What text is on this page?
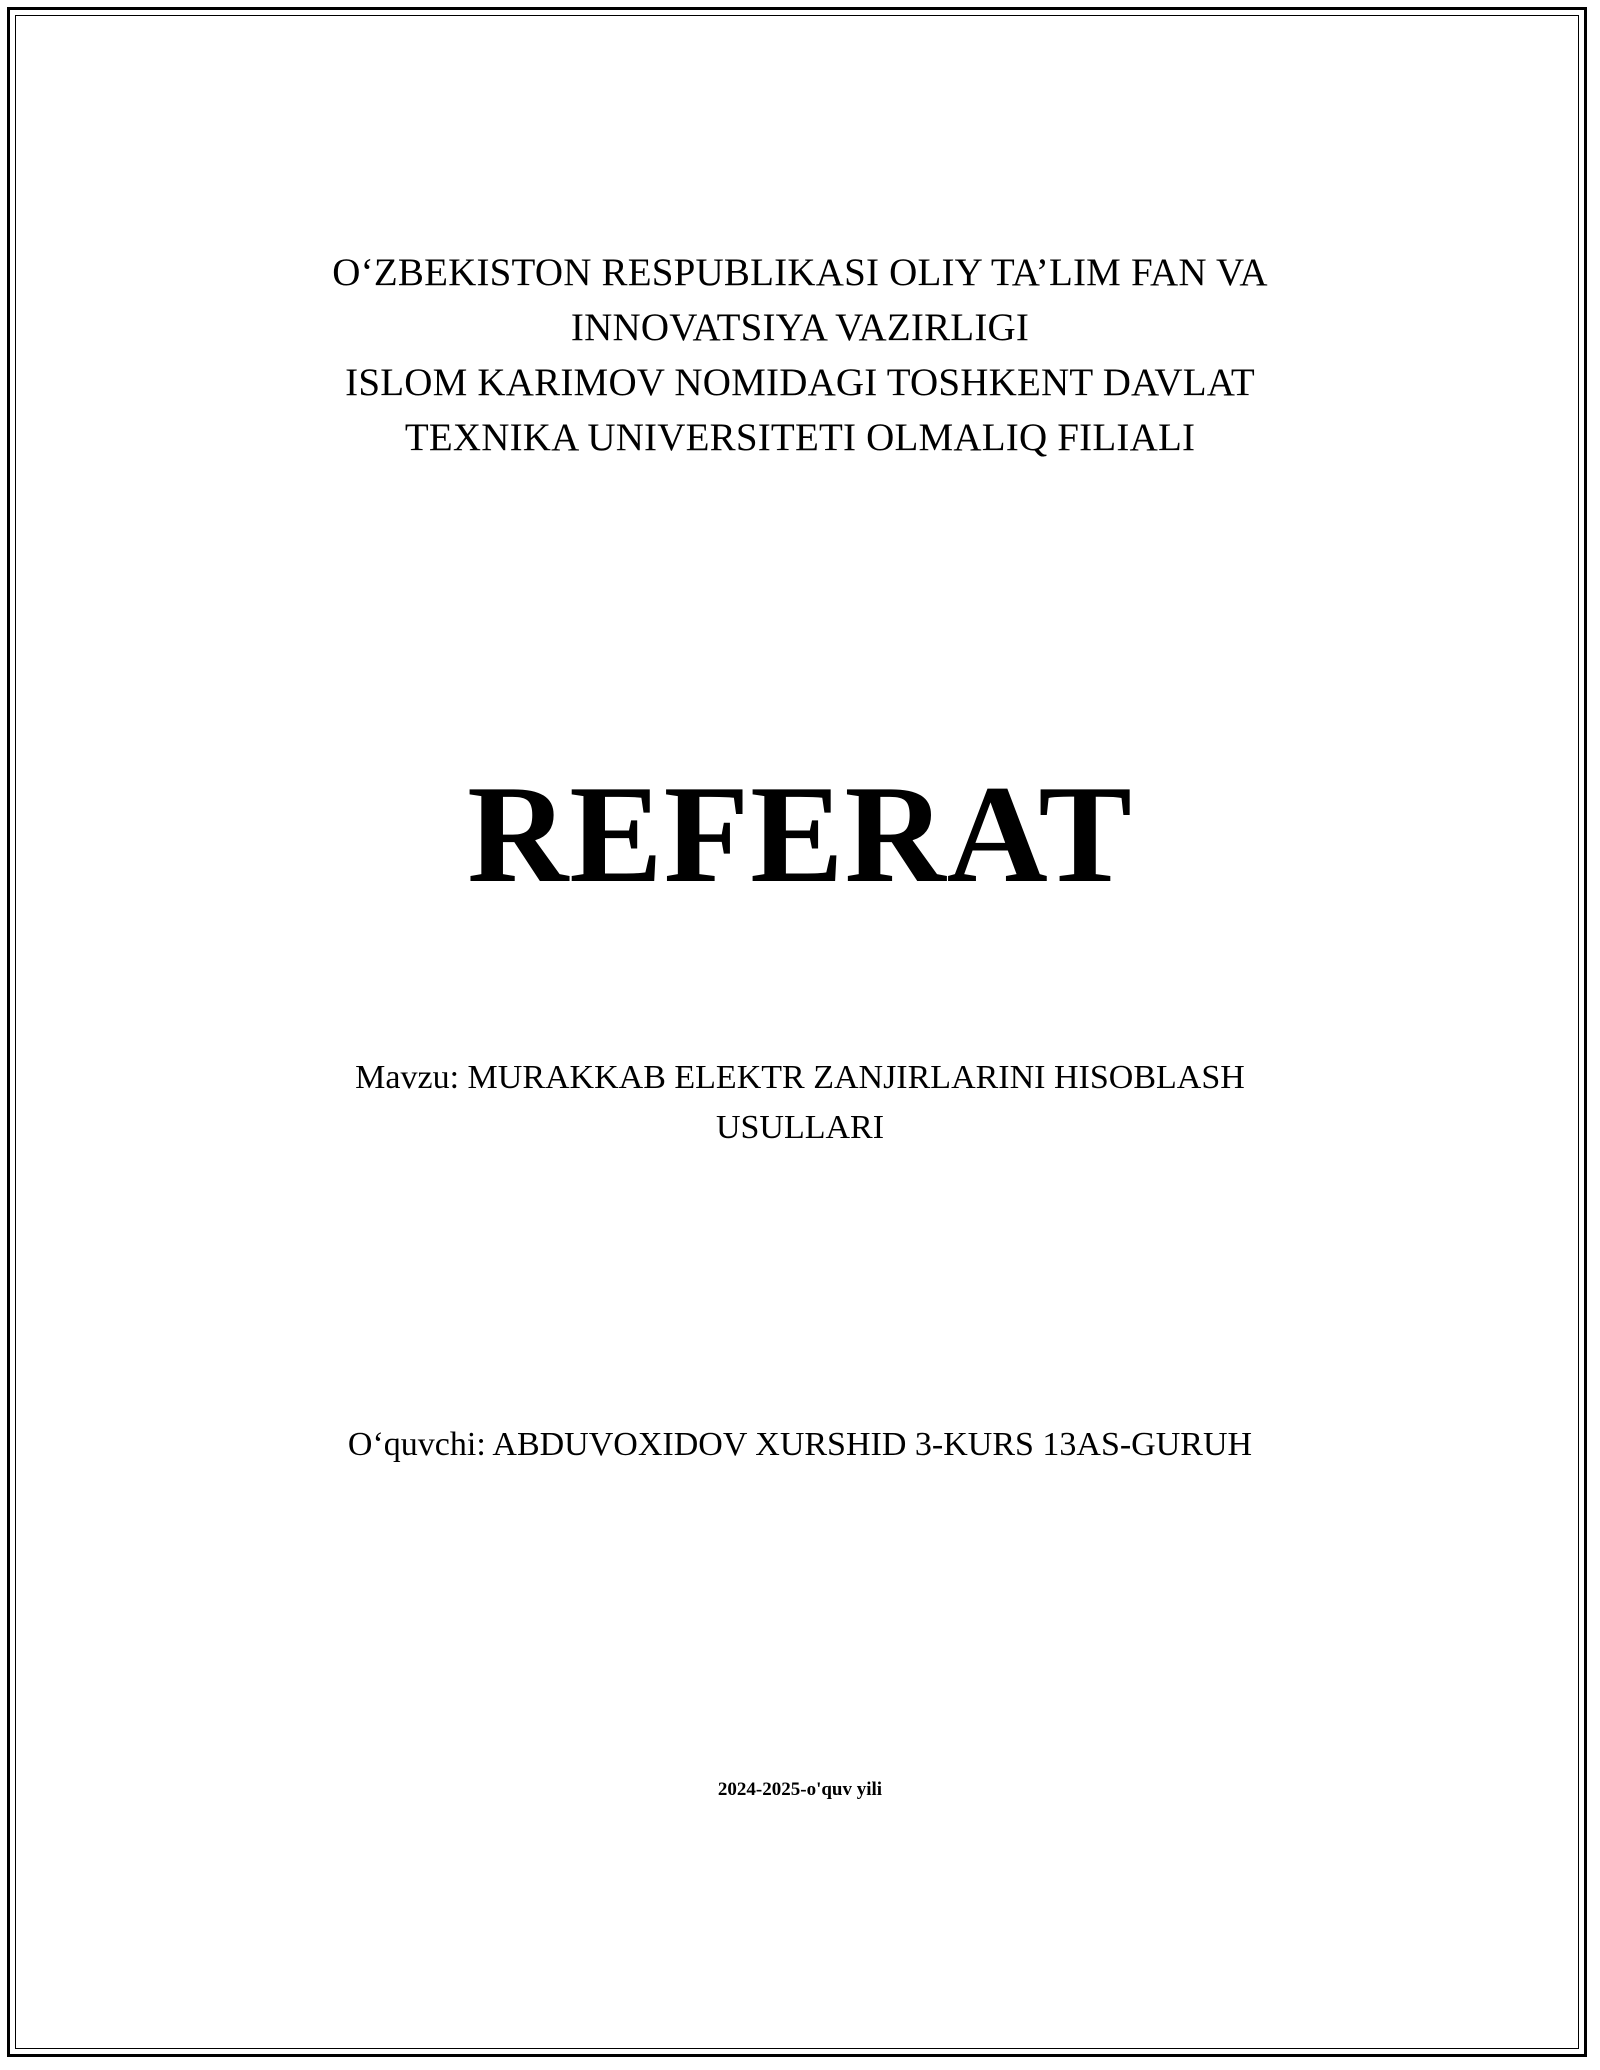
O‘ZBEKISTON RESPUBLIKASI OLIY TA’LIM FAN VA
INNOVATSIYA VAZIRLIGI
ISLOM KARIMOV NOMIDAGI TOSHKENT DAVLAT
TEXNIKA UNIVERSITETI OLMALIQ FILIALI
REFERAT
Mavzu: MURAKKAB ELEKTR ZANJIRLARINI HISOBLASH
USULLARI
O‘quvchi: ABDUVOXIDOV XURSHID 3-KURS 13AS-GURUH
2024-2025-o'quv yili
